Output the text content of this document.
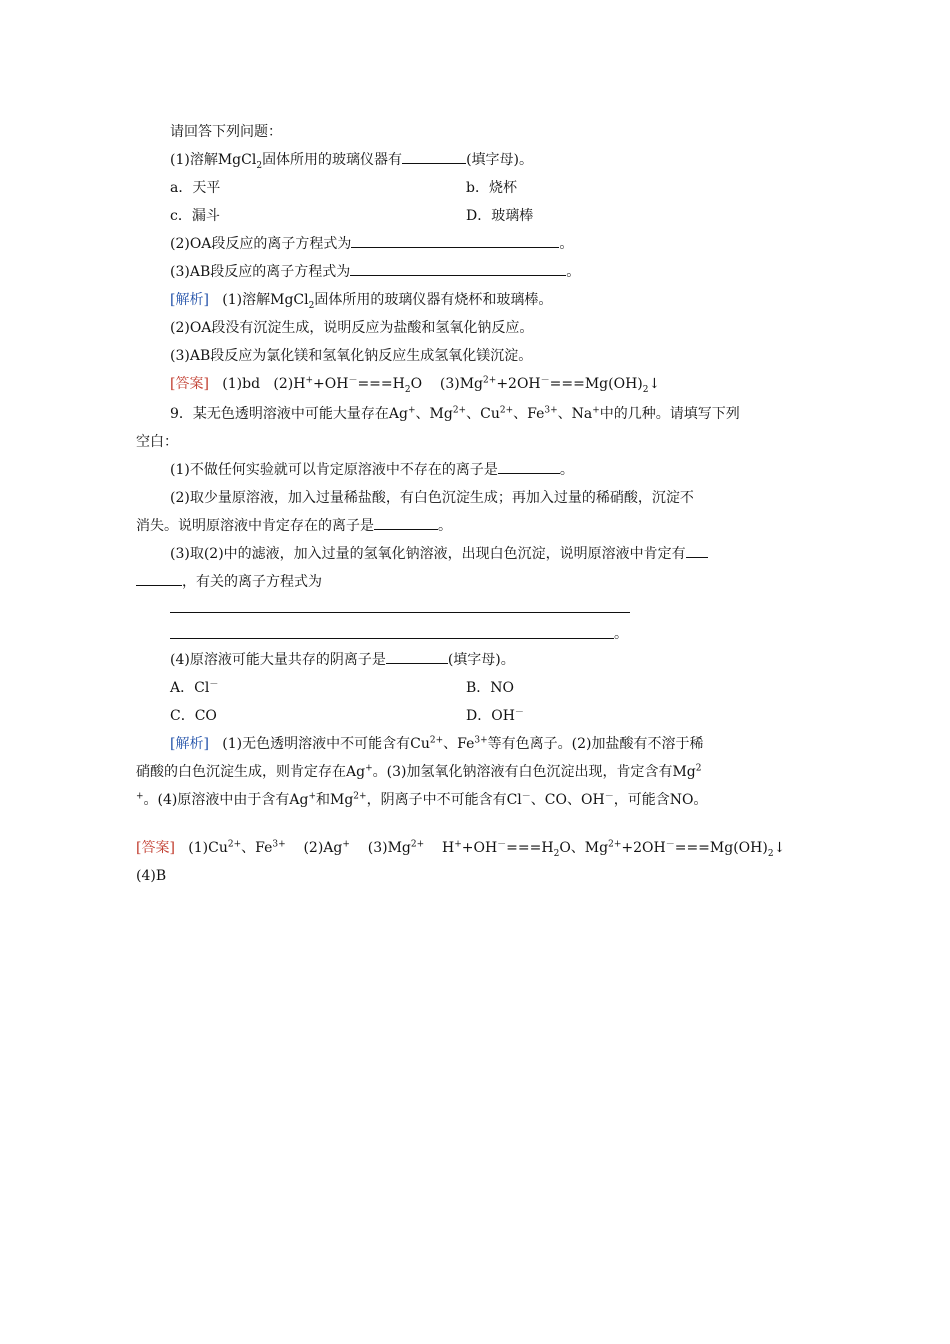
请回答下列问题：
(1)溶解MgCl$_2$固体所用的玻璃仪器有	(填字母)。
a．天平	b．烧杯
c．漏斗	D．玻璃棒
(2)OA段反应的离子方程式为	。
(3)AB段反应的离子方程式为	。
[解析] (1)溶解MgCl$_2$固体所用的玻璃仪器有烧杯和玻璃棒。
(2)OA段没有沉淀生成，说明反应为盐酸和氢氧化钠反应。
(3)AB段反应为氯化镁和氢氧化钠反应生成氢氧化镁沉淀。
[答案] (1)bd $(2)H^++OH^-===H_2O$ $(3)Mg^{2+}+2OH^-===Mg(OH)_2↓$
9．某无色透明溶液中可能大量存在Ag+、$Mg^{2+}$、$Cu^{2+}$、$Fe^{3+}$、Na+中的几种。请填写下列
空白：
(1)不做任何实验就可以肯定原溶液中不存在的离子是	。
(2)取少量原溶液，加入过量稀盐酸，有白色沉淀生成；再加入过量的稀硝酸，沉淀不
消失。说明原溶液中肯定存在的离子是	。
(3)取(2)中的滤液，加入过量的氢氧化钠溶液，出现白色沉淀，说明原溶液中肯定有
，有关的离子方程式为
。
(4)原溶液可能大量共存的阴离子是	(填字母)。
A．Cl－	B．NO
C．CO	D．OH－
[解析] (1)无色透明溶液中不可能含有$Cu^{2+}$、$Fe^{3+}$等有色离子。(2)加盐酸有不溶于稀
硝酸的白色沉淀生成，则肯定存在Ag+。(3)加氢氧化钠溶液有白色沉淀出现，肯定含有Mg$^2$
+。(4)原溶液中由于含有Ag+和$Mg^{2+}$，阴离子中不可能含有Cl－、CO、OH－，可能含NO。
[答案] $(1)Cu^{2+}$、$Fe^{3+}$ (2)Ag+ $(3)Mg^{2+}$ $H^++OH^-===H_2O$、$Mg^{2+}+2OH^-===Mg(OH)_2↓$
(4)B
